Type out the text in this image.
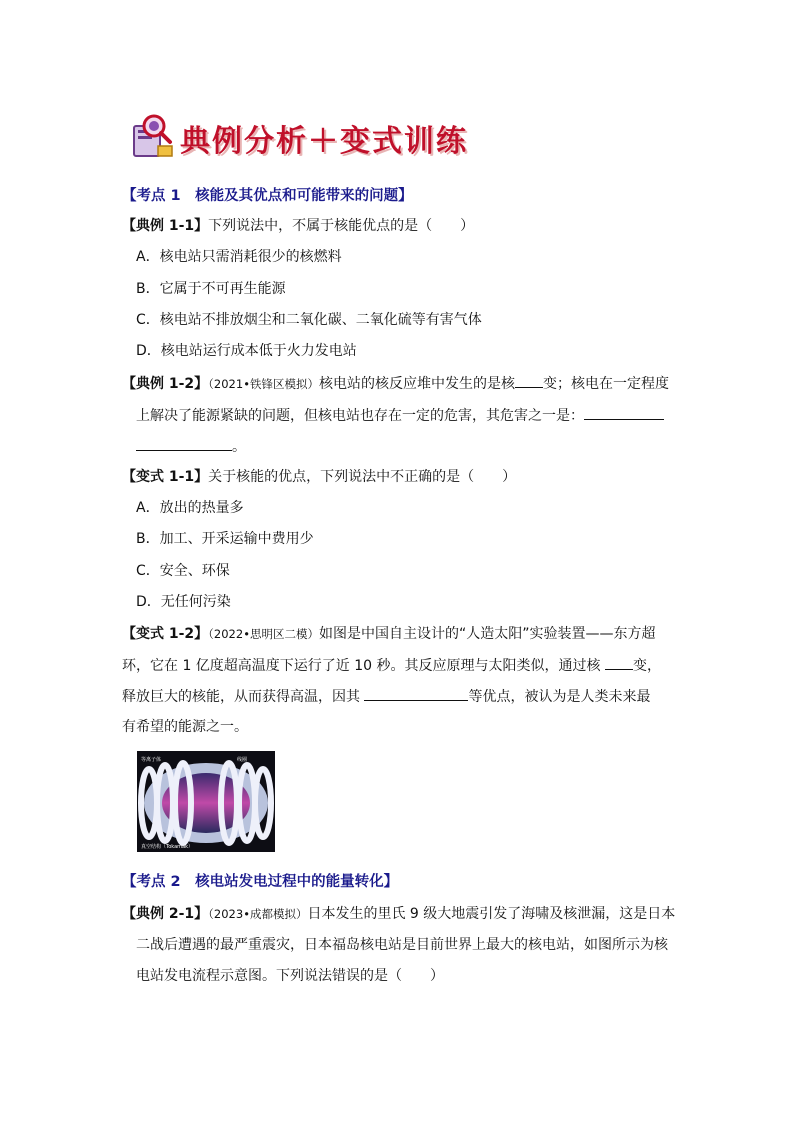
典例分析＋变式训练
【考点 1　核能及其优点和可能带来的问题】
【典例 1-1】下列说法中，不属于核能优点的是（　　）
A．核电站只需消耗很少的核燃料
B．它属于不可再生能源
C．核电站不排放烟尘和二氧化碳、二氧化硫等有害气体
D．核电站运行成本低于火力发电站
【典例 1-2】（2021•铁锋区模拟）核电站的核反应堆中发生的是核 变；核电在一定程度
上解决了能源紧缺的问题，但核电站也存在一定的危害，其危害之一是：
。
【变式 1-1】关于核能的优点，下列说法中不正确的是（　　）
A．放出的热量多
B．加工、开采运输中费用少
C．安全、环保
D．无任何污染
【变式 1-2】（2022•思明区二模）如图是中国自主设计的“人造太阳”实验装置——东方超
环，它在 1 亿度超高温度下运行了近 10 秒。其反应原理与太阳类似，通过核 变，
释放巨大的核能，从而获得高温，因其	等优点，被认为是人类未来最
有希望的能源之一。
等离子体	线圈
真空结构（Tokamak）
【考点 2　核电站发电过程中的能量转化】
【典例 2-1】（2023•成都模拟）日本发生的里氏 9 级大地震引发了海啸及核泄漏，这是日本
二战后遭遇的最严重震灾，日本福岛核电站是目前世界上最大的核电站，如图所示为核
电站发电流程示意图。下列说法错误的是（　　）
